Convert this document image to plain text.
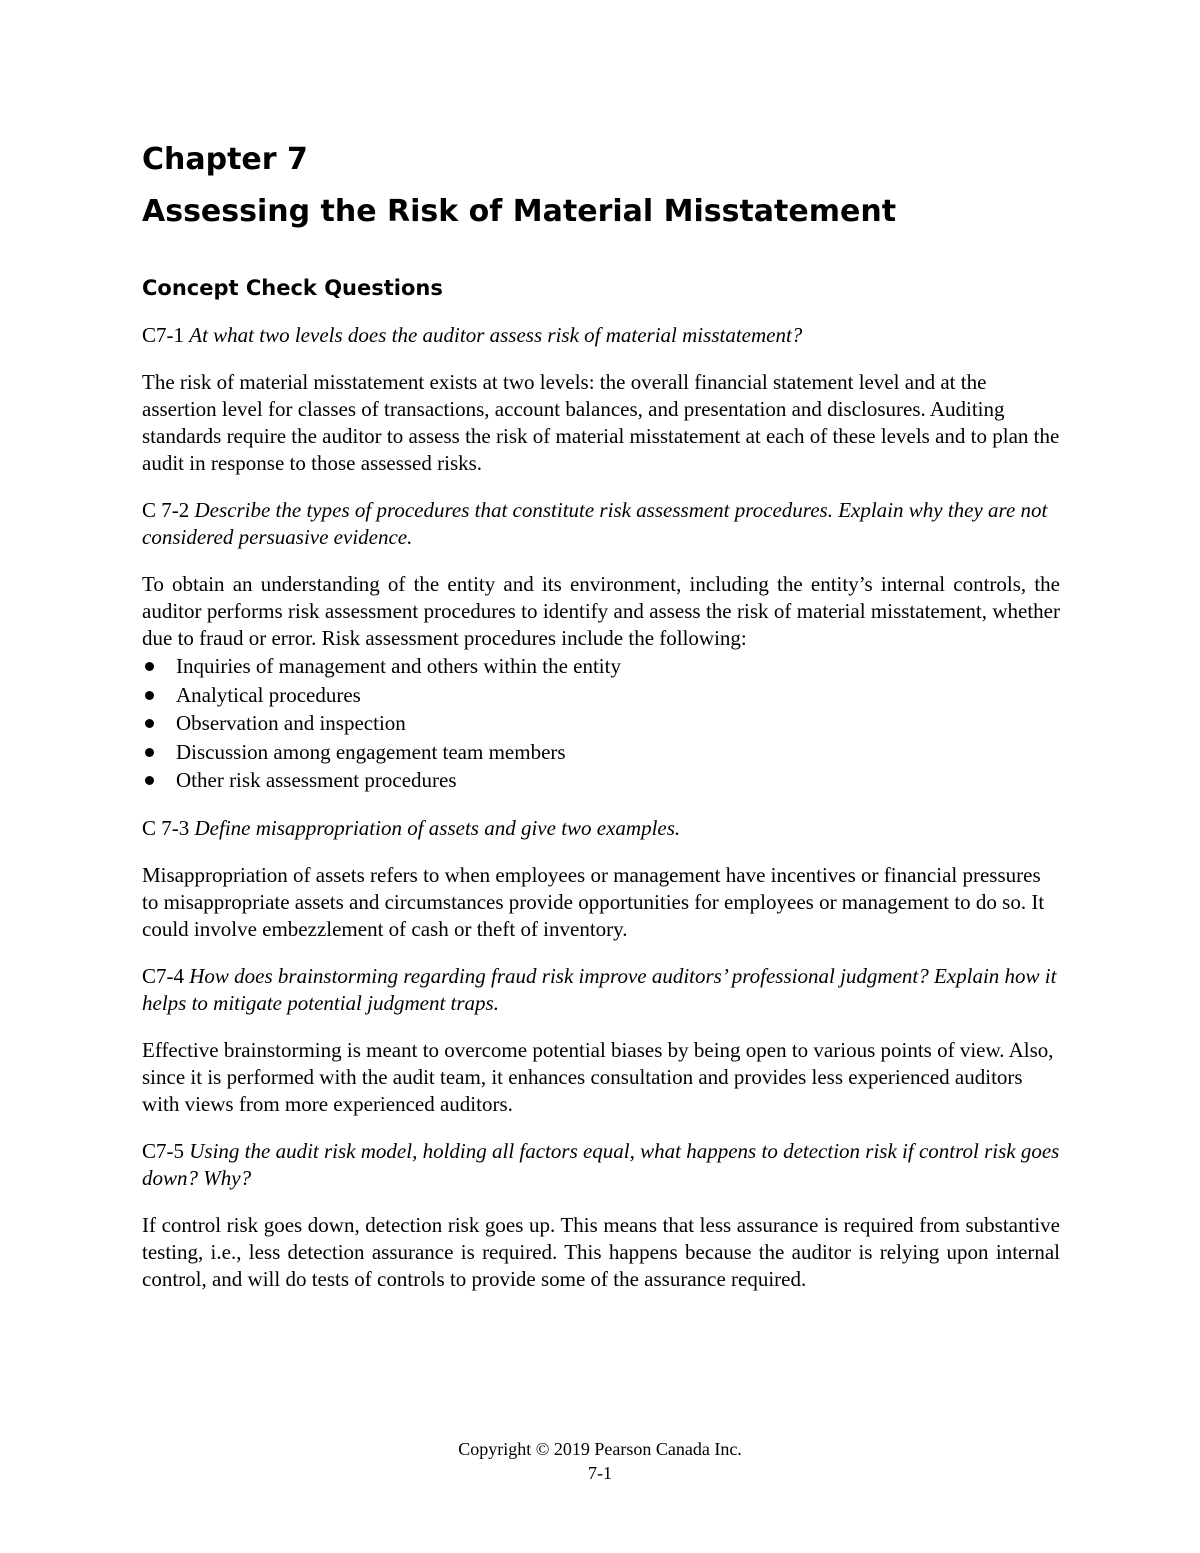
Chapter 7
Assessing the Risk of Material Misstatement
Concept Check Questions

C7-1 At what two levels does the auditor assess risk of material misstatement?

The risk of material misstatement exists at two levels: the overall financial statement level and at the assertion level for classes of transactions, account balances, and presentation and disclosures. Auditing standards require the auditor to assess the risk of material misstatement at each of these levels and to plan the audit in response to those assessed risks.

C 7-2 Describe the types of procedures that constitute risk assessment procedures. Explain why they are not considered persuasive evidence.

To obtain an understanding of the entity and its environment, including the entity’s internal controls, the auditor performs risk assessment procedures to identify and assess the risk of material misstatement, whether due to fraud or error. Risk assessment procedures include the following:

Inquiries of management and others within the entity
Analytical procedures
Observation and inspection
Discussion among engagement team members
Other risk assessment procedures

C 7-3 Define misappropriation of assets and give two examples.

Misappropriation of assets refers to when employees or management have incentives or financial pressures to misappropriate assets and circumstances provide opportunities for employees or management to do so. It could involve embezzlement of cash or theft of inventory.

C7-4 How does brainstorming regarding fraud risk improve auditors’ professional judgment? Explain how it helps to mitigate potential judgment traps.

Effective brainstorming is meant to overcome potential biases by being open to various points of view. Also, since it is performed with the audit team, it enhances consultation and provides less experienced auditors with views from more experienced auditors.

C7-5 Using the audit risk model, holding all factors equal, what happens to detection risk if control risk goes down? Why?

If control risk goes down, detection risk goes up. This means that less assurance is required from substantive testing, i.e., less detection assurance is required. This happens because the auditor is relying upon internal control, and will do tests of controls to provide some of the assurance required.

Copyright © 2019 Pearson Canada Inc.
7-1
